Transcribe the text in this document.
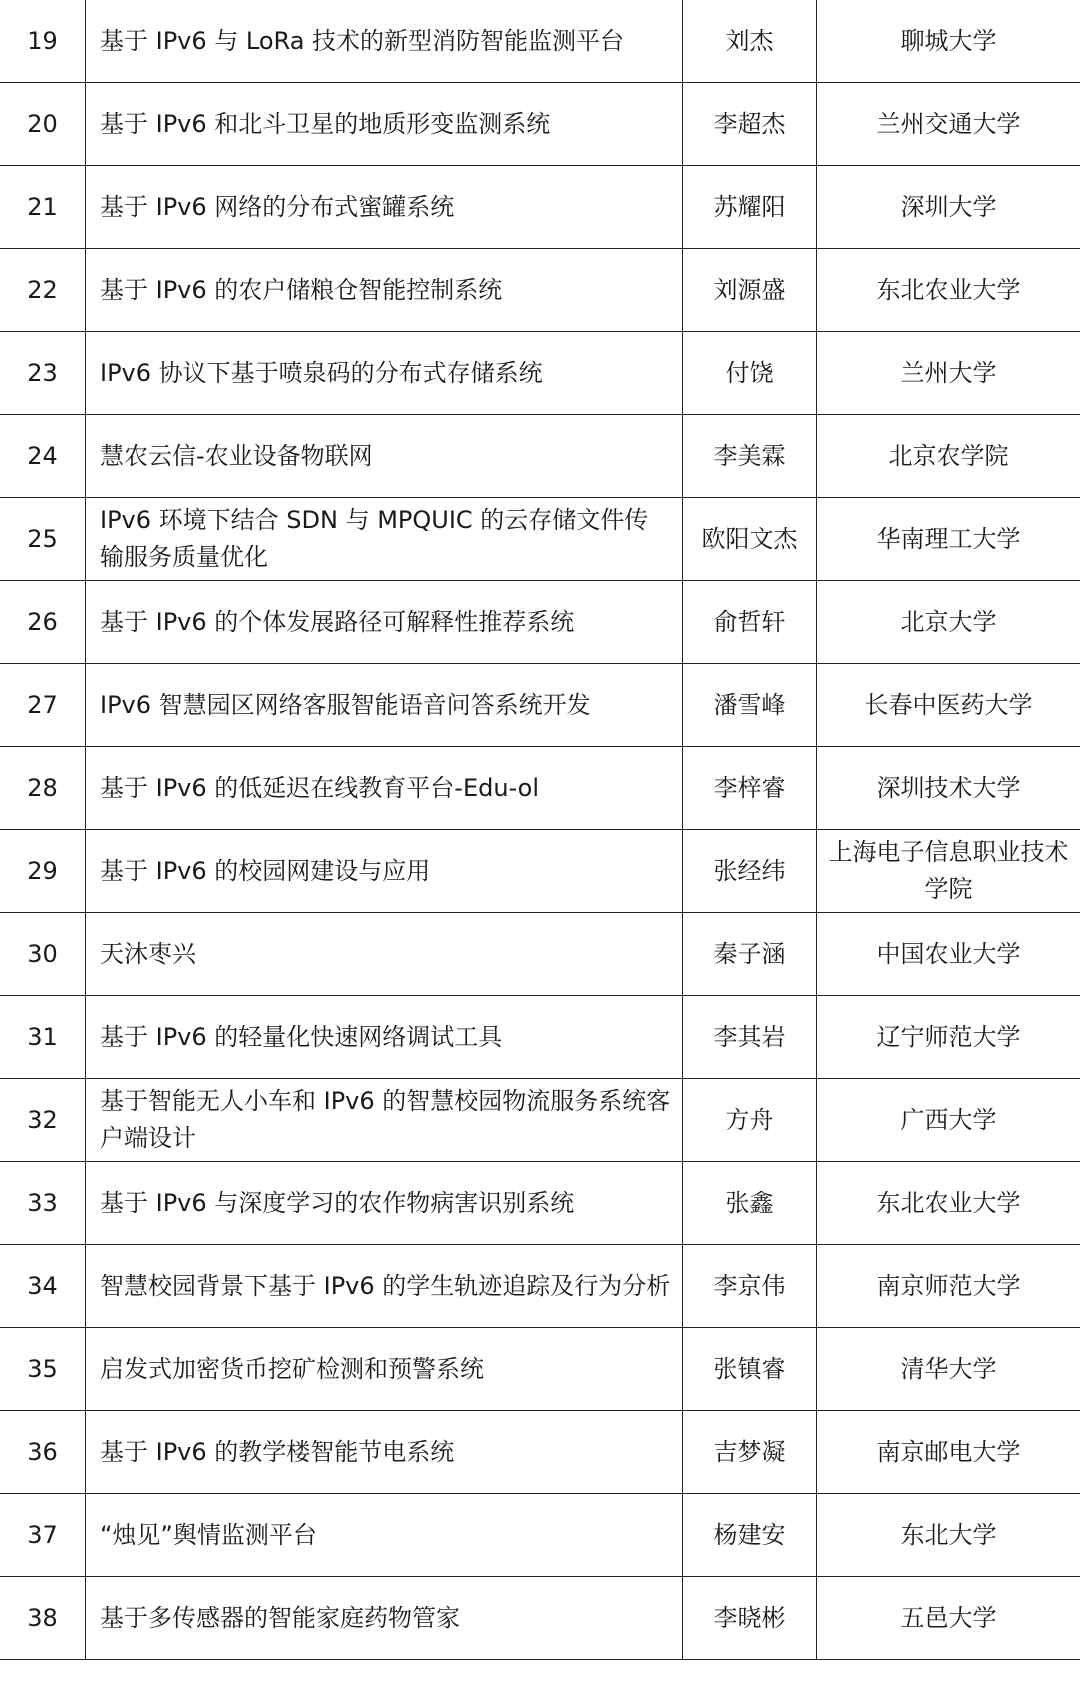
19	基于 IPv6 与 LoRa 技术的新型消防智能监测平台	刘杰	聊城大学
20	基于 IPv6 和北斗卫星的地质形变监测系统	李超杰	兰州交通大学
21	基于 IPv6 网络的分布式蜜罐系统	苏耀阳	深圳大学
22	基于 IPv6 的农户储粮仓智能控制系统	刘源盛	东北农业大学
23	IPv6 协议下基于喷泉码的分布式存储系统	付饶	兰州大学
24	慧农云信-农业设备物联网	李美霖	北京农学院
25	IPv6 环境下结合 SDN 与 MPQUIC 的云存储文件传输服务质量优化	欧阳文杰	华南理工大学
26	基于 IPv6 的个体发展路径可解释性推荐系统	俞哲轩	北京大学
27	IPv6 智慧园区网络客服智能语音问答系统开发	潘雪峰	长春中医药大学
28	基于 IPv6 的低延迟在线教育平台-Edu-ol	李梓睿	深圳技术大学
29	基于 IPv6 的校园网建设与应用	张经纬	上海电子信息职业技术学院
30	天沐枣兴	秦子涵	中国农业大学
31	基于 IPv6 的轻量化快速网络调试工具	李其岩	辽宁师范大学
32	基于智能无人小车和 IPv6 的智慧校园物流服务系统客户端设计	方舟	广西大学
33	基于 IPv6 与深度学习的农作物病害识别系统	张鑫	东北农业大学
34	智慧校园背景下基于 IPv6 的学生轨迹追踪及行为分析	李京伟	南京师范大学
35	启发式加密货币挖矿检测和预警系统	张镇睿	清华大学
36	基于 IPv6 的教学楼智能节电系统	吉梦凝	南京邮电大学
37	“烛见”舆情监测平台	杨建安	东北大学
38	基于多传感器的智能家庭药物管家	李晓彬	五邑大学
